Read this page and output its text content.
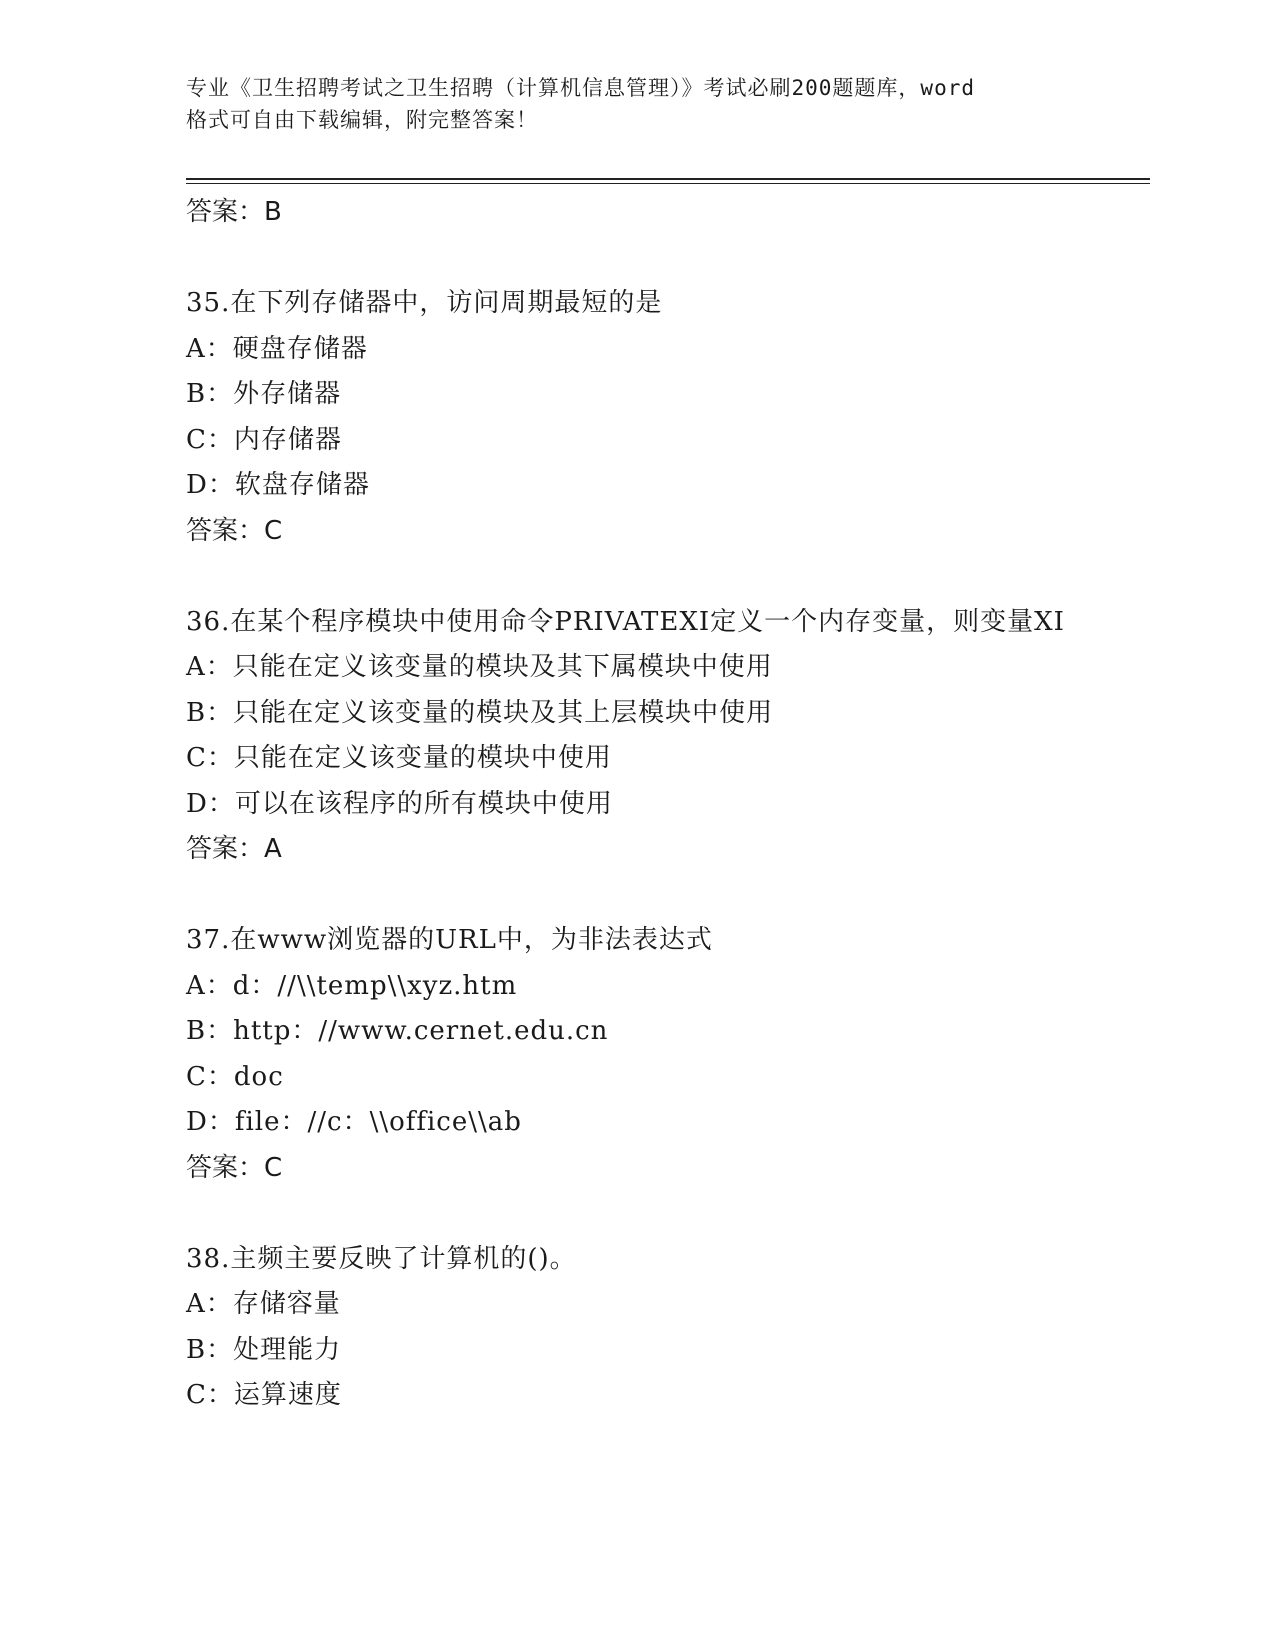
专业《卫生招聘考试之卫生招聘（计算机信息管理）》考试必刷200题题库，word
格式可自由下载编辑，附完整答案！
答案：B
35.在下列存储器中，访问周期最短的是
A：硬盘存储器
B：外存储器
C：内存储器
D：软盘存储器
答案：C
36.在某个程序模块中使用命令PRIVATEXI定义一个内存变量，则变量XI
A：只能在定义该变量的模块及其下属模块中使用
B：只能在定义该变量的模块及其上层模块中使用
C：只能在定义该变量的模块中使用
D：可以在该程序的所有模块中使用
答案：A
37.在www浏览器的URL中，为非法表达式
A：d：//\\temp\\xyz.htm
B：http：//www.cernet.edu.cn
C：doc
D：file：//c：\\office\\ab
答案：C
38.主频主要反映了计算机的()。
A：存储容量
B：处理能力
C：运算速度
